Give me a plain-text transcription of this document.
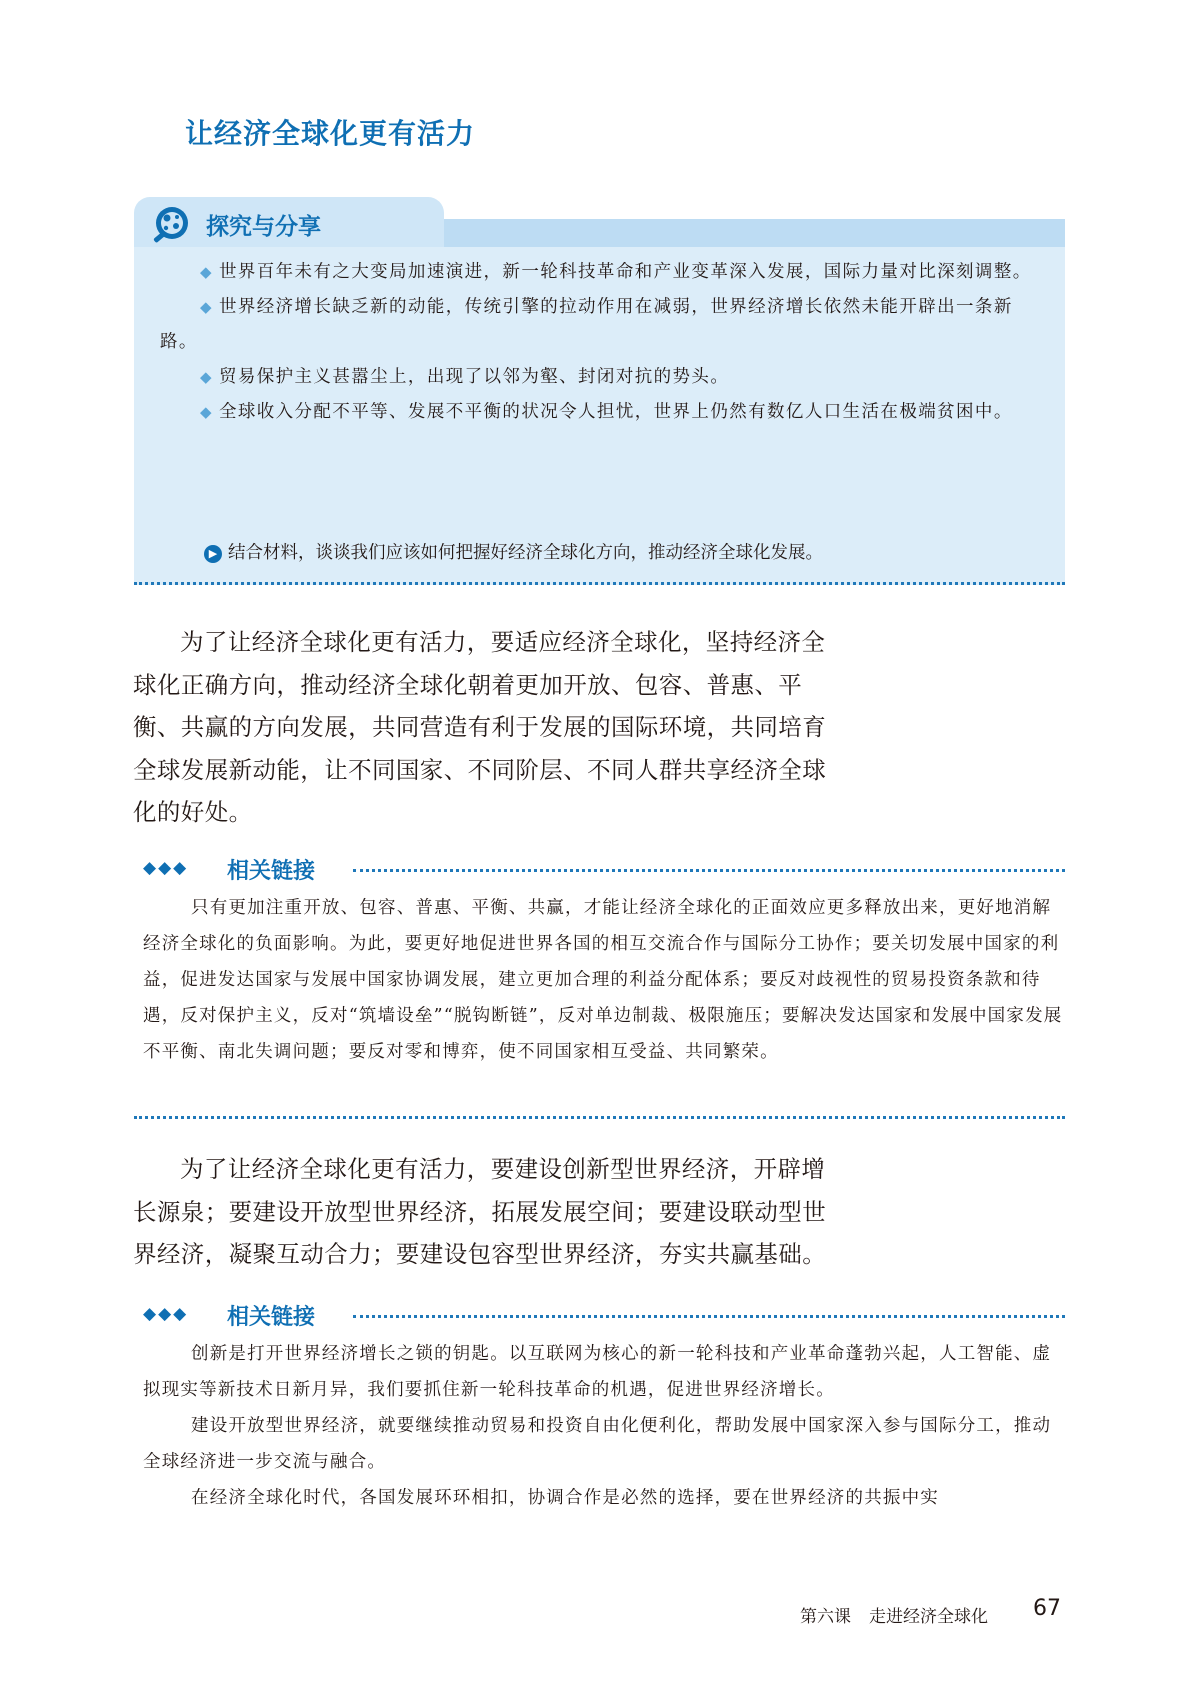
让经济全球化更有活力
探究与分享

◆ 世界百年未有之大变局加速演进，新一轮科技革命和产业变革深入发展，国际力量对比深刻调整。

◆ 世界经济增长缺乏新的动能，传统引擎的拉动作用在减弱，世界经济增长依然未能开辟出一条新路。

◆ 贸易保护主义甚嚣尘上，出现了以邻为壑、封闭对抗的势头。

◆ 全球收入分配不平等、发展不平衡的状况令人担忧，世界上仍然有数亿人口生活在极端贫困中。

▶ 结合材料，谈谈我们应该如何把握好经济全球化方向，推动经济全球化发展。

为了让经济全球化更有活力，要适应经济全球化，坚持经济全球化正确方向，推动经济全球化朝着更加开放、包容、普惠、平衡、共赢的方向发展，共同营造有利于发展的国际环境，共同培育全球发展新动能，让不同国家、不同阶层、不同人群共享经济全球化的好处。

◆◆◆ 相关链接

只有更加注重开放、包容、普惠、平衡、共赢，才能让经济全球化的正面效应更多释放出来，更好地消解经济全球化的负面影响。为此，要更好地促进世界各国的相互交流合作与国际分工协作；要关切发展中国家的利益，促进发达国家与发展中国家协调发展，建立更加合理的利益分配体系；要反对歧视性的贸易投资条款和待遇，反对保护主义，反对“筑墙设垒”“脱钩断链”，反对单边制裁、极限施压；要解决发达国家和发展中国家发展不平衡、南北失调问题；要反对零和博弈，使不同国家相互受益、共同繁荣。

为了让经济全球化更有活力，要建设创新型世界经济，开辟增长源泉；要建设开放型世界经济，拓展发展空间；要建设联动型世界经济，凝聚互动合力；要建设包容型世界经济，夯实共赢基础。

◆◆◆ 相关链接

创新是打开世界经济增长之锁的钥匙。以互联网为核心的新一轮科技和产业革命蓬勃兴起，人工智能、虚拟现实等新技术日新月异，我们要抓住新一轮科技革命的机遇，促进世界经济增长。

建设开放型世界经济，就要继续推动贸易和投资自由化便利化，帮助发展中国家深入参与国际分工，推动全球经济进一步交流与融合。

在经济全球化时代，各国发展环环相扣，协调合作是必然的选择，要在世界经济的共振中实

第六课 走进经济全球化 67
